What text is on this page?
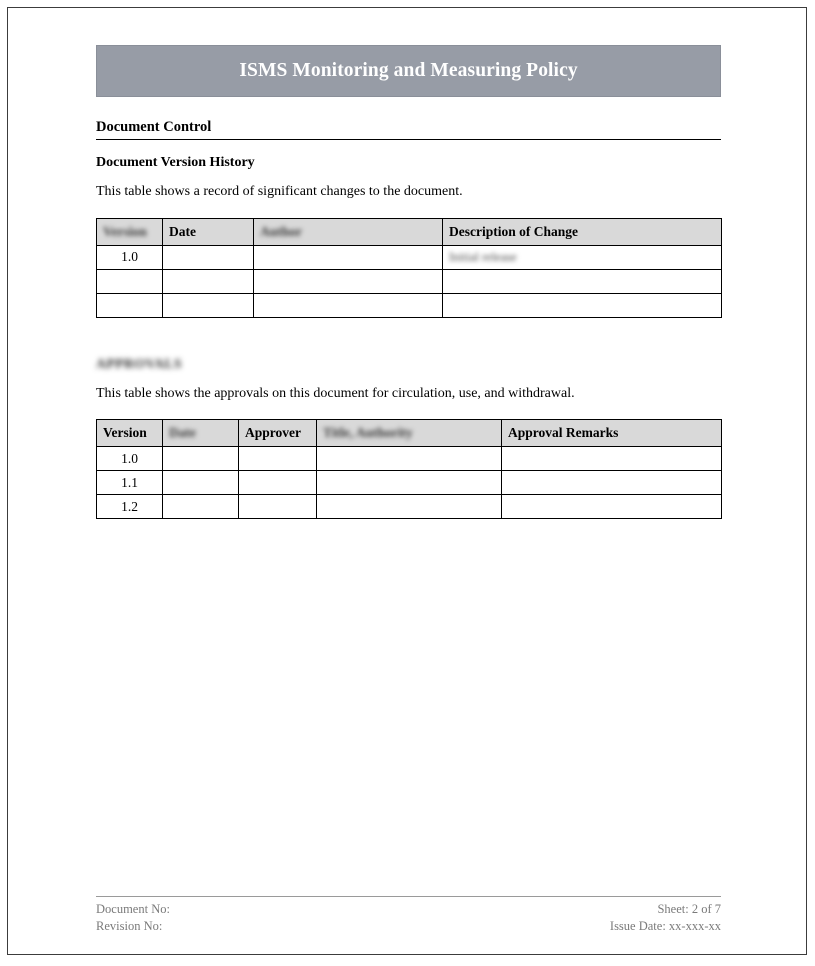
ISMS Monitoring and Measuring Policy
Document Control
Document Version History
This table shows a record of significant changes to the document.
Version	Date	Author	Description of Change
1.0			Initial release

APPROVALS
This table shows the approvals on this document for circulation, use, and withdrawal.
Version	Date	Approver	Title, Authority	Approval Remarks
1.0				
1.1				
1.2				
Document No:	Sheet: 2 of 7
Revision No:	Issue Date: xx-xxx-xx
